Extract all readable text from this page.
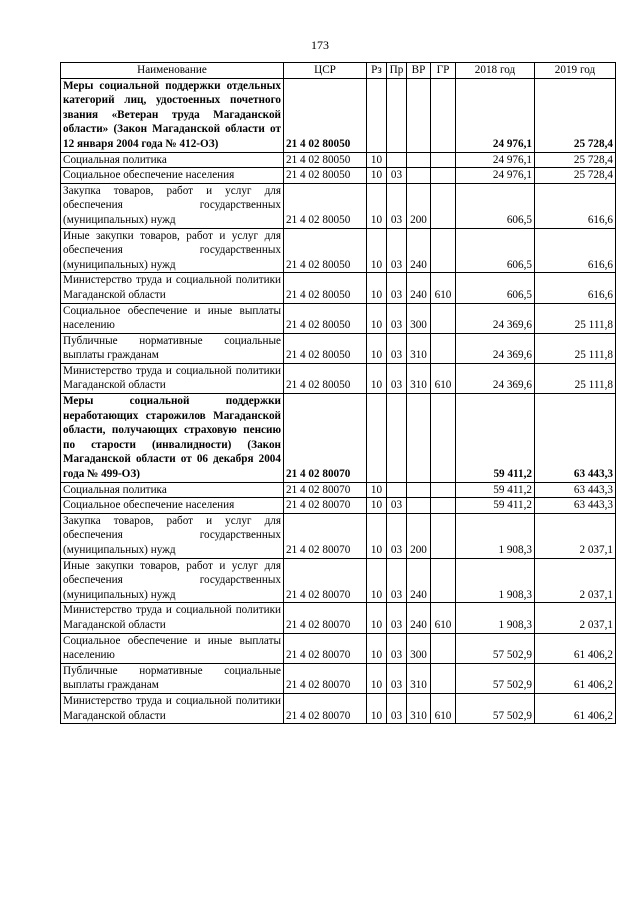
173
Наименование	ЦСР	Рз	Пр	ВР	ГР	2018 год	2019 год
Меры социальной поддержки отдельных категорий лиц, удостоенных почетного звания «Ветеран труда Магаданской области» (Закон Магаданской области от 12 января 2004 года № 412-ОЗ)	21 4 02 80050					24 976,1	25 728,4
Социальная политика	21 4 02 80050	10				24 976,1	25 728,4
Социальное обеспечение населения	21 4 02 80050	10	03			24 976,1	25 728,4
Закупка товаров, работ и услуг для обеспечения государственных (муниципальных) нужд	21 4 02 80050	10	03	200		606,5	616,6
Иные закупки товаров, работ и услуг для обеспечения государственных (муниципальных) нужд	21 4 02 80050	10	03	240		606,5	616,6
Министерство труда и социальной политики Магаданской области	21 4 02 80050	10	03	240	610	606,5	616,6
Социальное обеспечение и иные выплаты населению	21 4 02 80050	10	03	300		24 369,6	25 111,8
Публичные нормативные социальные выплаты гражданам	21 4 02 80050	10	03	310		24 369,6	25 111,8
Министерство труда и социальной политики Магаданской области	21 4 02 80050	10	03	310	610	24 369,6	25 111,8
Меры социальной поддержки неработающих старожилов Магаданской области, получающих страховую пенсию по старости (инвалидности) (Закон Магаданской области от 06 декабря 2004 года № 499-ОЗ)	21 4 02 80070					59 411,2	63 443,3
Социальная политика	21 4 02 80070	10				59 411,2	63 443,3
Социальное обеспечение населения	21 4 02 80070	10	03			59 411,2	63 443,3
Закупка товаров, работ и услуг для обеспечения государственных (муниципальных) нужд	21 4 02 80070	10	03	200		1 908,3	2 037,1
Иные закупки товаров, работ и услуг для обеспечения государственных (муниципальных) нужд	21 4 02 80070	10	03	240		1 908,3	2 037,1
Министерство труда и социальной политики Магаданской области	21 4 02 80070	10	03	240	610	1 908,3	2 037,1
Социальное обеспечение и иные выплаты населению	21 4 02 80070	10	03	300		57 502,9	61 406,2
Публичные нормативные социальные выплаты гражданам	21 4 02 80070	10	03	310		57 502,9	61 406,2
Министерство труда и социальной политики Магаданской области	21 4 02 80070	10	03	310	610	57 502,9	61 406,2
